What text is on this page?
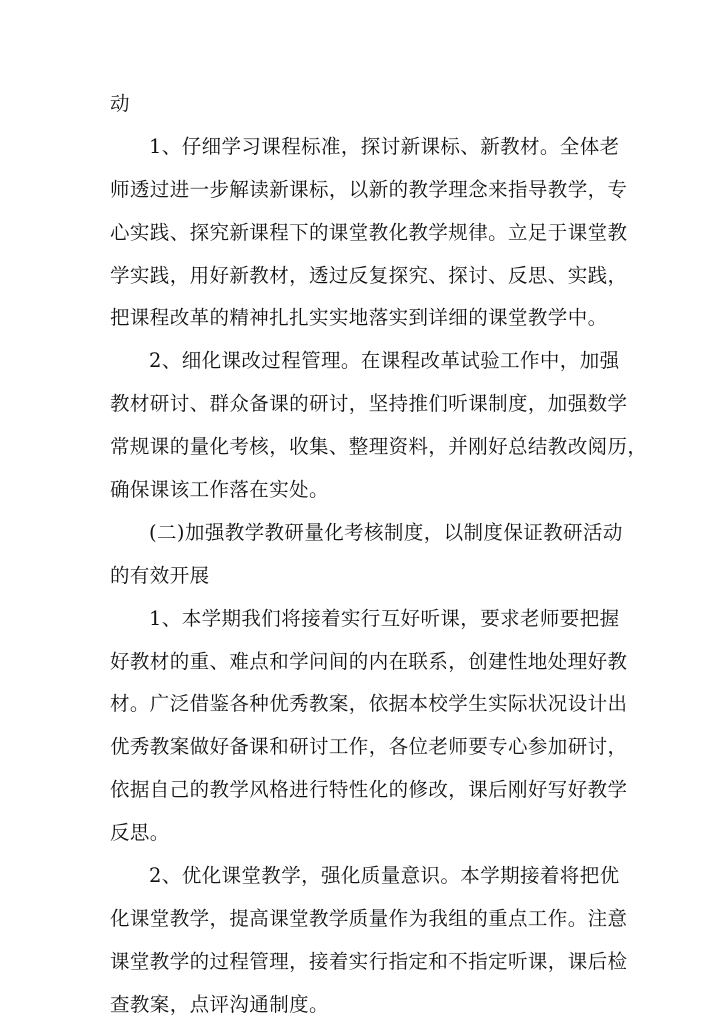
动
1、仔细学习课程标准，探讨新课标、新教材。全体老
师透过进一步解读新课标，以新的教学理念来指导教学，专
心实践、探究新课程下的课堂教化教学规律。立足于课堂教
学实践，用好新教材，透过反复探究、探讨、反思、实践，
把课程改革的精神扎扎实实地落实到详细的课堂教学中。
2、细化课改过程管理。在课程改革试验工作中，加强
教材研讨、群众备课的研讨，坚持推们听课制度，加强数学
常规课的量化考核，收集、整理资料，并刚好总结教改阅历，
确保课该工作落在实处。
(二)加强教学教研量化考核制度，以制度保证教研活动
的有效开展
1、本学期我们将接着实行互好听课，要求老师要把握
好教材的重、难点和学问间的内在联系，创建性地处理好教
材。广泛借鉴各种优秀教案，依据本校学生实际状况设计出
优秀教案做好备课和研讨工作，各位老师要专心参加研讨，
依据自己的教学风格进行特性化的修改，课后刚好写好教学
反思。
2、优化课堂教学，强化质量意识。本学期接着将把优
化课堂教学，提高课堂教学质量作为我组的重点工作。注意
课堂教学的过程管理，接着实行指定和不指定听课，课后检
查教案，点评沟通制度。
